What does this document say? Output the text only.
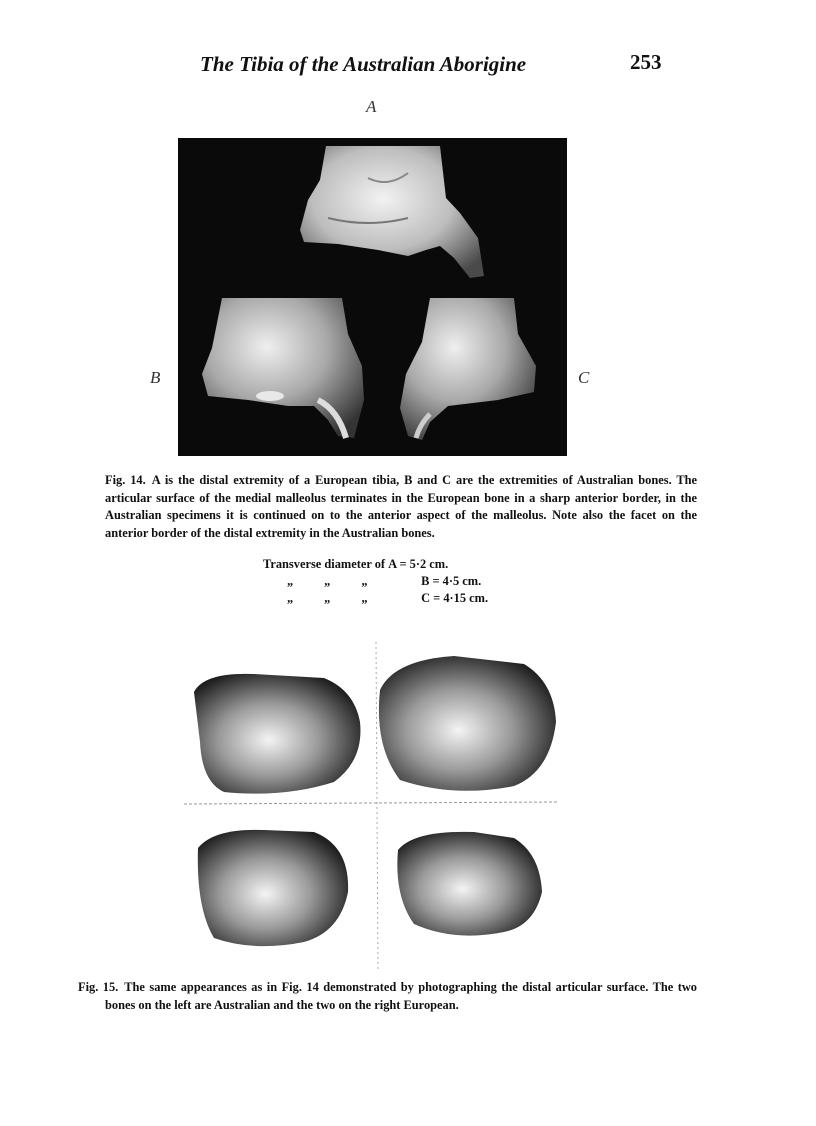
The Tibia of the Australian Aborigine	253
A
B	C
Fig. 14. A is the distal extremity of a European tibia, B and C are the extremities of Australian bones. The articular surface of the medial malleolus terminates in the European bone in a sharp anterior border, in the Australian specimens it is continued on to the anterior aspect of the malleolus. Note also the facet on the anterior border of the distal extremity in the Australian bones.
Transverse diameter of A = 5·2 cm.
„          „          „	B = 4·5 cm.
„          „          „	C = 4·15 cm.
Fig. 15. The same appearances as in Fig. 14 demonstrated by photographing the distal articular surface. The two bones on the left are Australian and the two on the right European.
